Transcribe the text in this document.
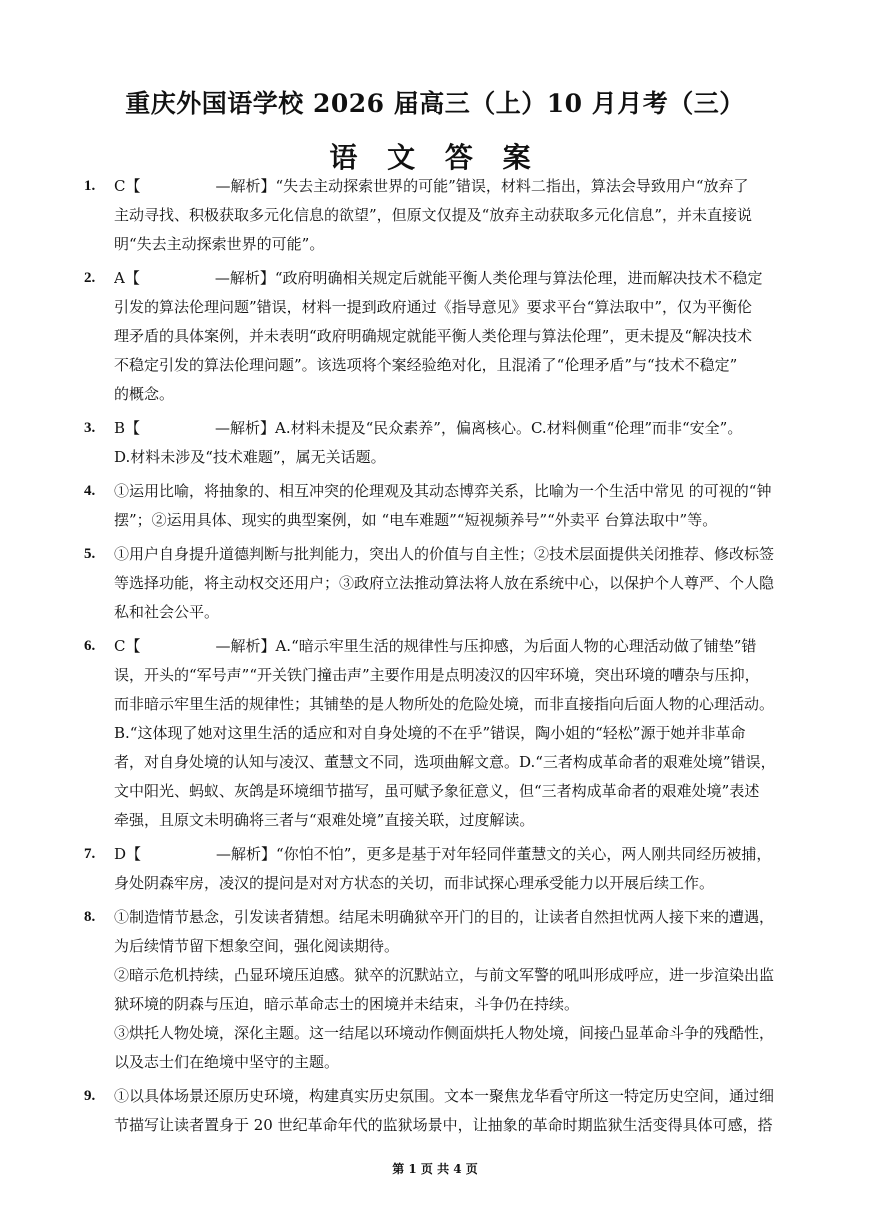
重庆外国语学校 2026 届高三（上）10 月月考（三）
语 文 答 案
1. C【　　　　　—解析】“失去主动探索世界的可能”错误，材料二指出，算法会导致用户“放弃了
主动寻找、积极获取多元化信息的欲望”，但原文仅提及“放弃主动获取多元化信息”，并未直接说
明“失去主动探索世界的可能”。
2. A【　　　　　—解析】“政府明确相关规定后就能平衡人类伦理与算法伦理，进而解决技术不稳定
引发的算法伦理问题”错误，材料一提到政府通过《指导意见》要求平台“算法取中”，仅为平衡伦
理矛盾的具体案例，并未表明“政府明确规定就能平衡人类伦理与算法伦理”，更未提及“解决技术
不稳定引发的算法伦理问题”。该选项将个案经验绝对化，且混淆了“伦理矛盾”与“技术不稳定”
的概念。
3. B【　　　　　—解析】A.材料未提及“民众素养”，偏离核心。C.材料侧重“伦理”而非“安全”。
D.材料未涉及“技术难题”，属无关话题。
4. ①运用比喻，将抽象的、相互冲突的伦理观及其动态博弈关系，比喻为一个生活中常见 的可视的“钟
摆”；②运用具体、现实的典型案例，如 “电车难题”“短视频养号”“外卖平 台算法取中”等。
5. ①用户自身提升道德判断与批判能力，突出人的价值与自主性；②技术层面提供关闭推荐、修改标签
等选择功能，将主动权交还用户；③政府立法推动算法将人放在系统中心，以保护个人尊严、个人隐
私和社会公平。
6. C【　　　　　—解析】A.“暗示牢里生活的规律性与压抑感，为后面人物的心理活动做了铺垫”错
误，开头的“军号声”“开关铁门撞击声”主要作用是点明凌汉的囚牢环境，突出环境的嘈杂与压抑，
而非暗示牢里生活的规律性；其铺垫的是人物所处的危险处境，而非直接指向后面人物的心理活动。
B.“这体现了她对这里生活的适应和对自身处境的不在乎”错误，陶小姐的“轻松”源于她并非革命
者，对自身处境的认知与凌汉、董慧文不同，选项曲解文意。D.“三者构成革命者的艰难处境”错误，
文中阳光、蚂蚁、灰鸽是环境细节描写，虽可赋予象征意义，但“三者构成革命者的艰难处境”表述
牵强，且原文未明确将三者与“艰难处境”直接关联，过度解读。
7. D【　　　　　—解析】“你怕不怕”，更多是基于对年轻同伴董慧文的关心，两人刚共同经历被捕，
身处阴森牢房，凌汉的提问是对对方状态的关切，而非试探心理承受能力以开展后续工作。
8. ①制造情节悬念，引发读者猜想。结尾未明确狱卒开门的目的，让读者自然担忧两人接下来的遭遇，
为后续情节留下想象空间，强化阅读期待。
②暗示危机持续，凸显环境压迫感。狱卒的沉默站立，与前文军警的吼叫形成呼应，进一步渲染出监
狱环境的阴森与压迫，暗示革命志士的困境并未结束，斗争仍在持续。
③烘托人物处境，深化主题。这一结尾以环境动作侧面烘托人物处境，间接凸显革命斗争的残酷性，
以及志士们在绝境中坚守的主题。
9. ①以具体场景还原历史环境，构建真实历史氛围。文本一聚焦龙华看守所这一特定历史空间，通过细
节描写让读者置身于 20 世纪革命年代的监狱场景中，让抽象的革命时期监狱生活变得具体可感，搭
第 1 页 共 4 页
